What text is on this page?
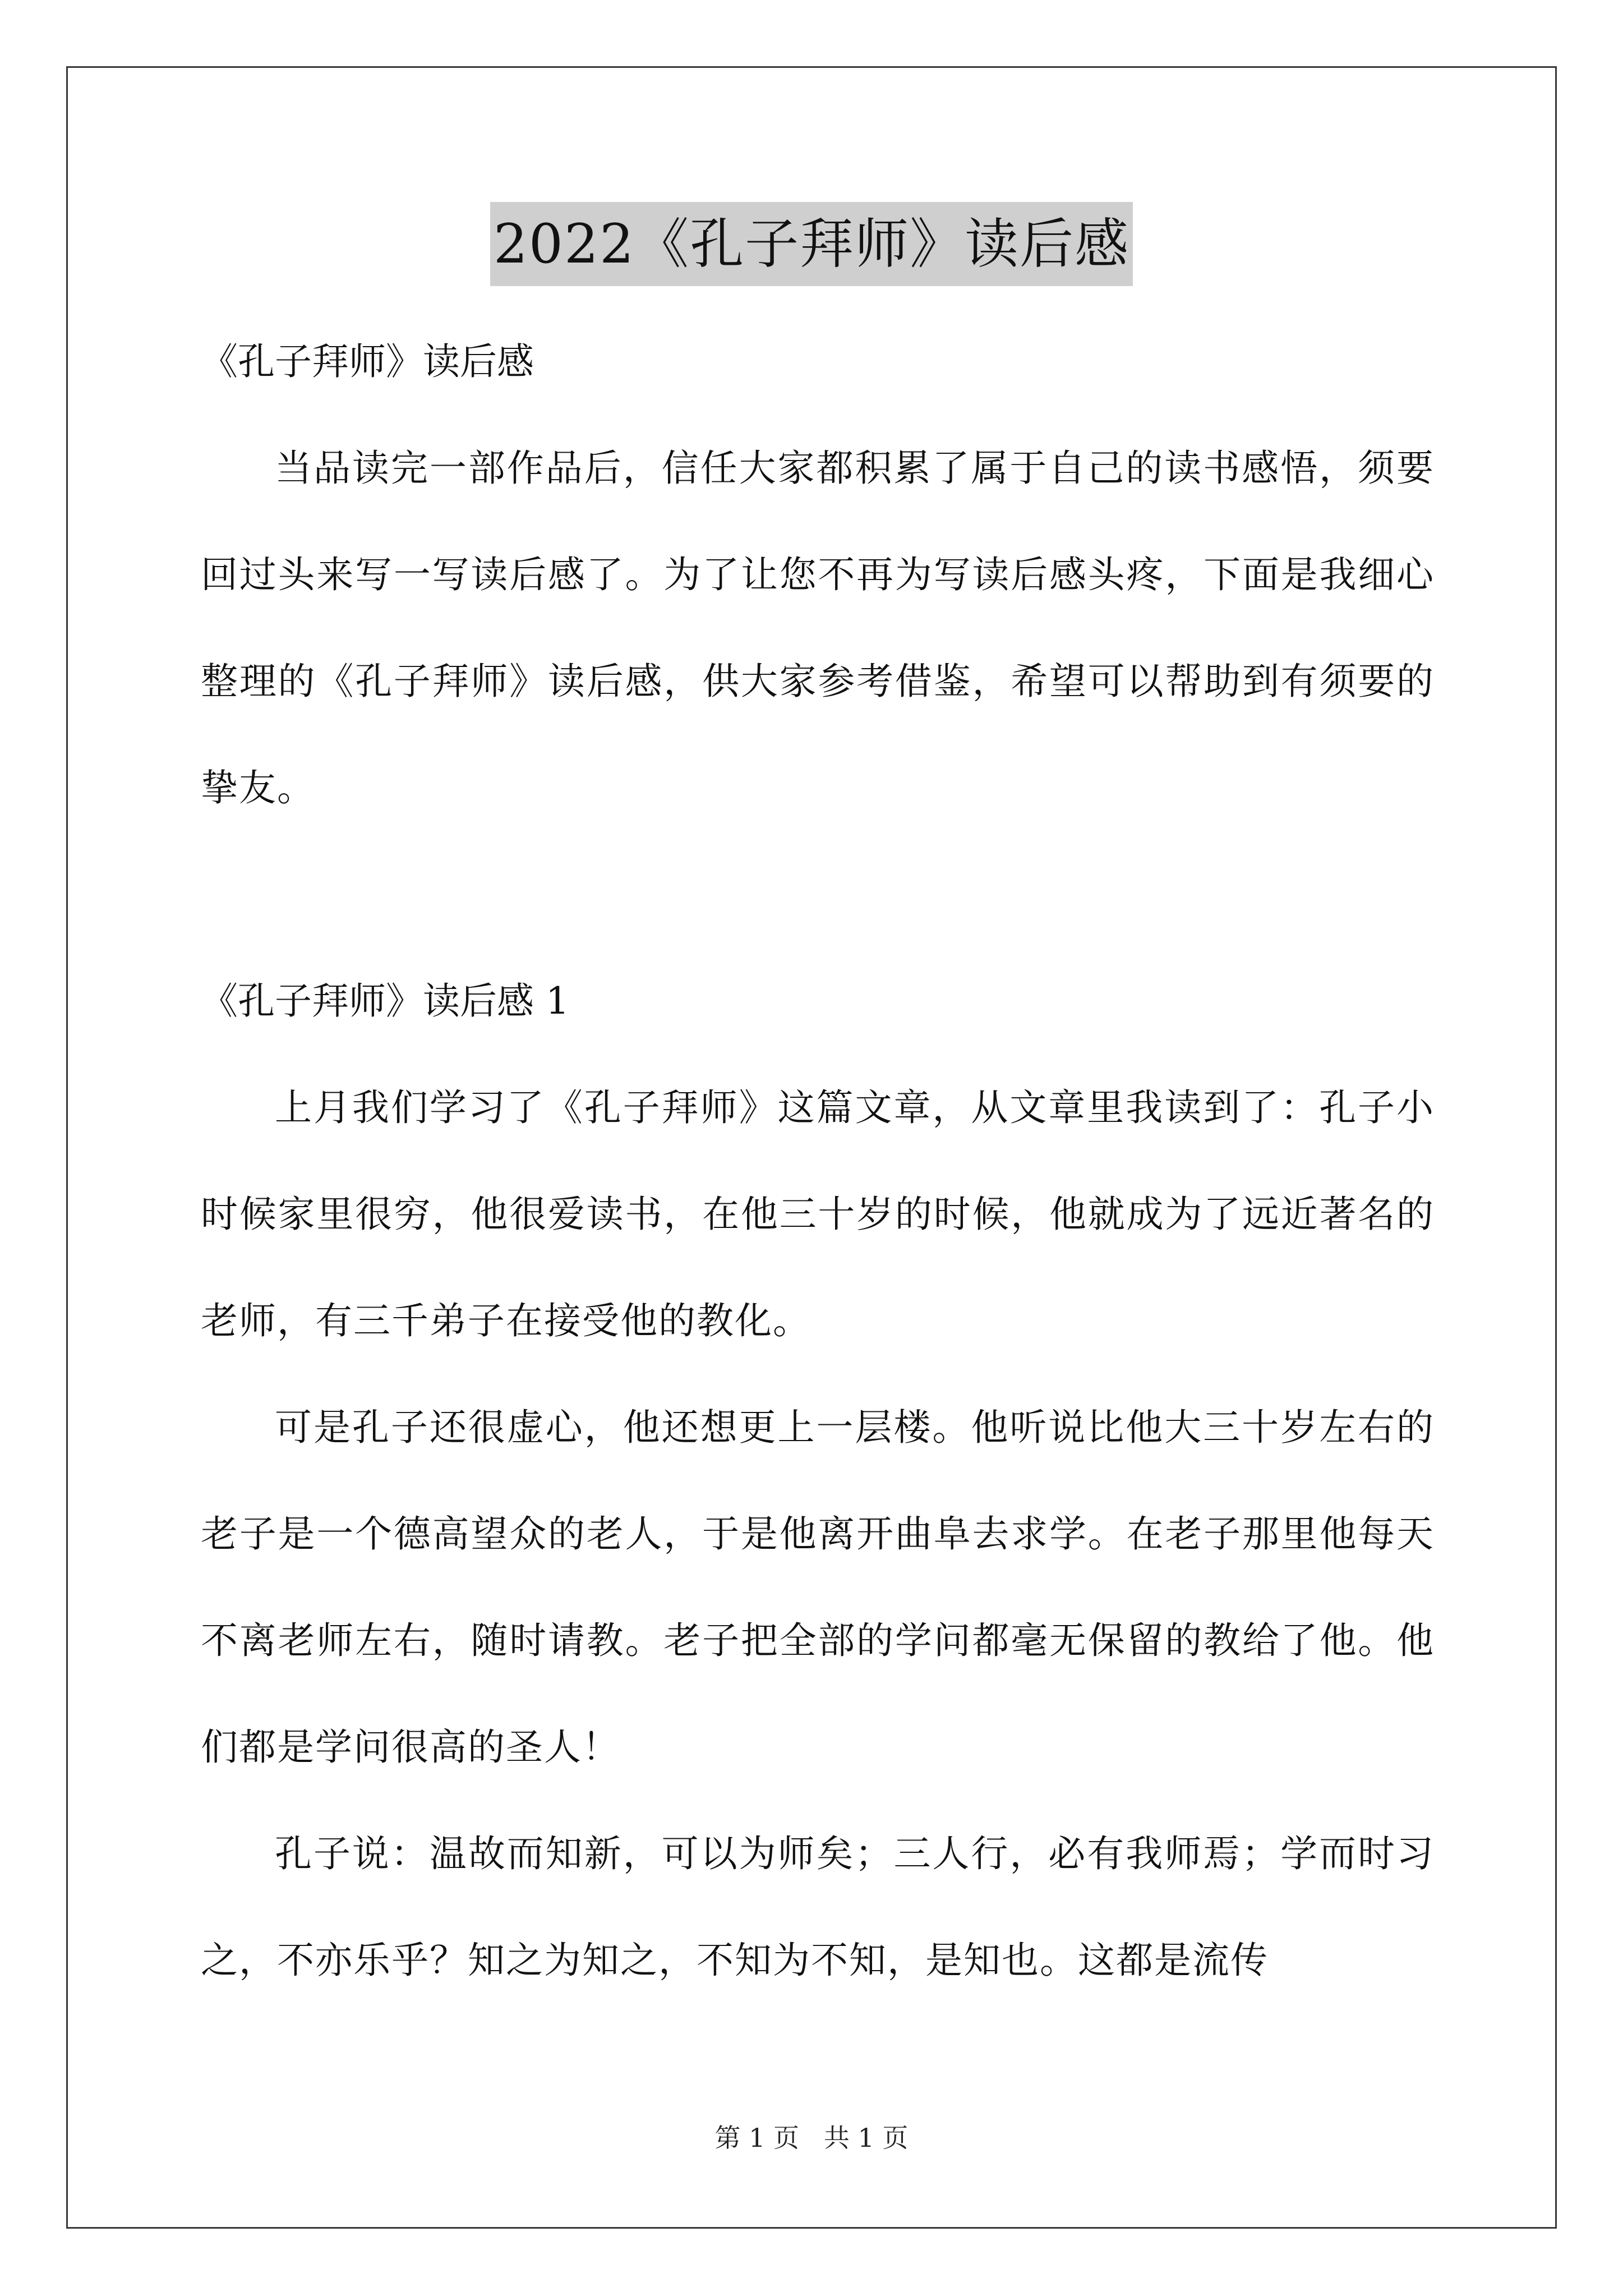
2022《孔子拜师》读后感

《孔子拜师》读后感

当品读完一部作品后，信任大家都积累了属于自己的读书感悟，须要回过头来写一写读后感了。为了让您不再为写读后感头疼，下面是我细心整理的《孔子拜师》读后感，供大家参考借鉴，希望可以帮助到有须要的挚友。

《孔子拜师》读后感 1

上月我们学习了《孔子拜师》这篇文章，从文章里我读到了：孔子小时候家里很穷，他很爱读书，在他三十岁的时候，他就成为了远近著名的老师，有三千弟子在接受他的教化。

可是孔子还很虚心，他还想更上一层楼。他听说比他大三十岁左右的老子是一个德高望众的老人，于是他离开曲阜去求学。在老子那里他每天不离老师左右，随时请教。老子把全部的学问都毫无保留的教给了他。他们都是学问很高的圣人！

孔子说：温故而知新，可以为师矣；三人行，必有我师焉；学而时习之，不亦乐乎？知之为知之，不知为不知，是知也。这都是流传

第 1 页   共 1 页
